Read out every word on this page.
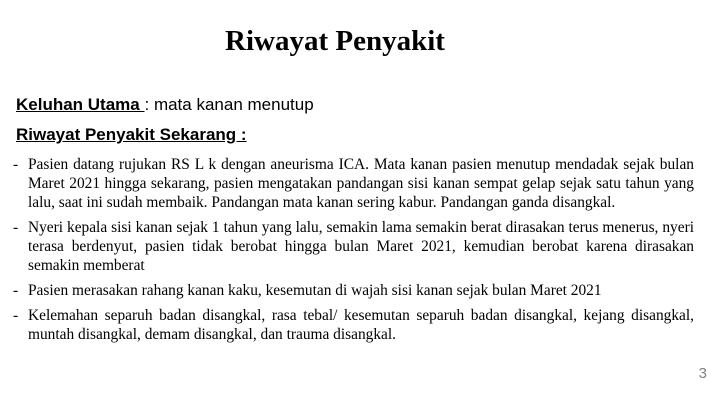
Riwayat Penyakit
Keluhan Utama : mata kanan menutup
Riwayat Penyakit Sekarang :
- Pasien datang rujukan RS L k dengan aneurisma ICA. Mata kanan pasien menutup mendadak sejak bulan Maret 2021 hingga sekarang, pasien mengatakan pandangan sisi kanan sempat gelap sejak satu tahun yang lalu, saat ini sudah membaik. Pandangan mata kanan sering kabur. Pandangan ganda disangkal.
- Nyeri kepala sisi kanan sejak 1 tahun yang lalu, semakin lama semakin berat dirasakan terus menerus, nyeri terasa berdenyut, pasien tidak berobat hingga bulan Maret 2021, kemudian berobat karena dirasakan semakin memberat
- Pasien merasakan rahang kanan kaku, kesemutan di wajah sisi kanan sejak bulan Maret 2021
- Kelemahan separuh badan disangkal, rasa tebal/ kesemutan separuh badan disangkal, kejang disangkal, muntah disangkal, demam disangkal, dan trauma disangkal.
3
